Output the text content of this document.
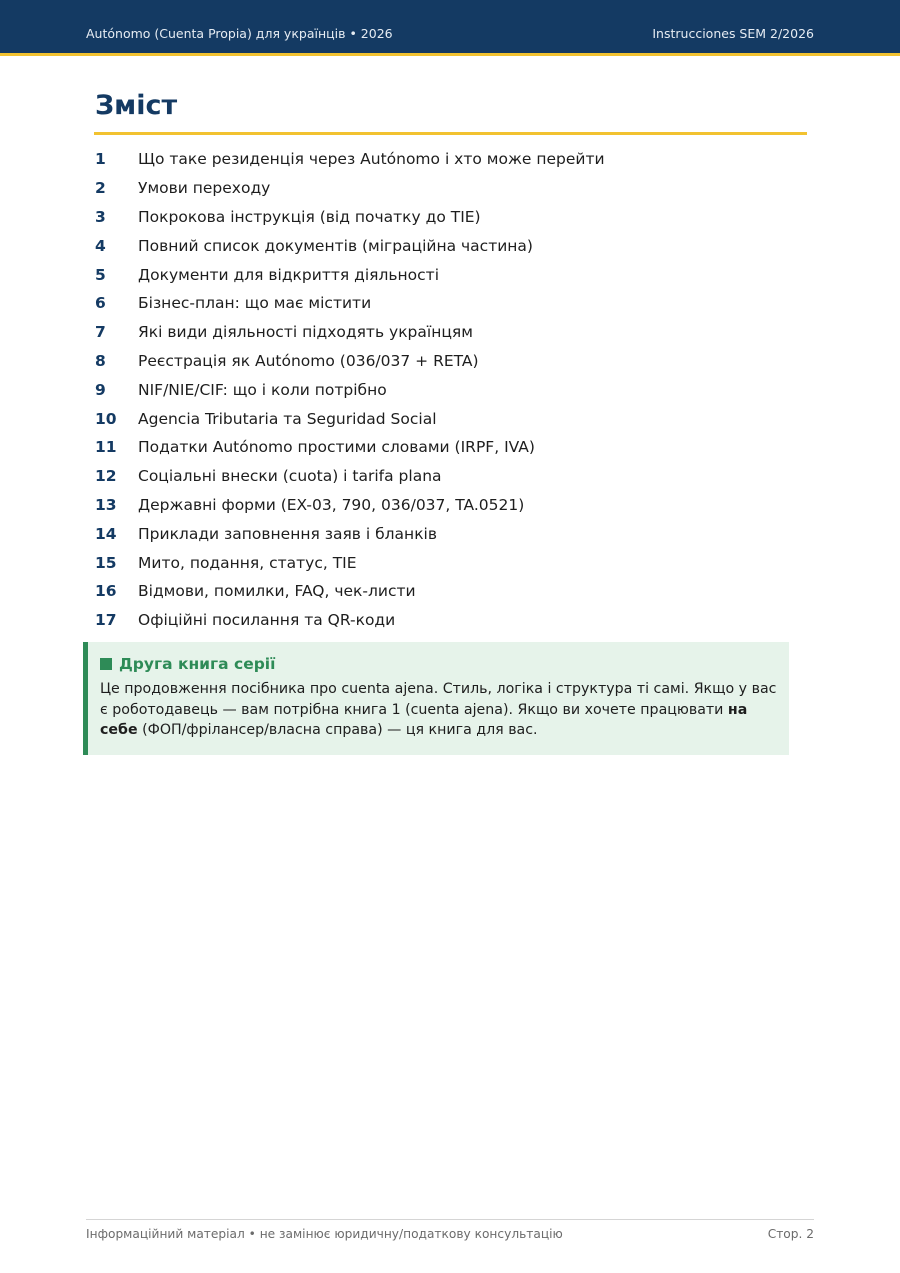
Autónomo (Cuenta Propia) для українців • 2026	Instrucciones SEM 2/2026
Зміст
1	Що таке резиденція через Autónomo і хто може перейти
2	Умови переходу
3	Покрокова інструкція (від початку до TIE)
4	Повний список документів (міграційна частина)
5	Документи для відкриття діяльності
6	Бізнес-план: що має містити
7	Які види діяльності підходять українцям
8	Реєстрація як Autónomo (036/037 + RETA)
9	NIF/NIE/CIF: що і коли потрібно
10	Agencia Tributaria та Seguridad Social
11	Податки Autónomo простими словами (IRPF, IVA)
12	Соціальні внески (cuota) і tarifa plana
13	Державні форми (EX-03, 790, 036/037, TA.0521)
14	Приклади заповнення заяв і бланків
15	Мито, подання, статус, TIE
16	Відмови, помилки, FAQ, чек-листи
17	Офіційні посилання та QR-коди

Друга книга серії

Це продовження посібника про cuenta ajena. Стиль, логіка і структура ті самі. Якщо у вас є роботодавець — вам потрібна книга 1 (cuenta ajena). Якщо ви хочете працювати на себе (ФОП/фрілансер/власна справа) — ця книга для вас.

Інформаційний матеріал • не замінює юридичну/податкову консультацію	Стор. 2
